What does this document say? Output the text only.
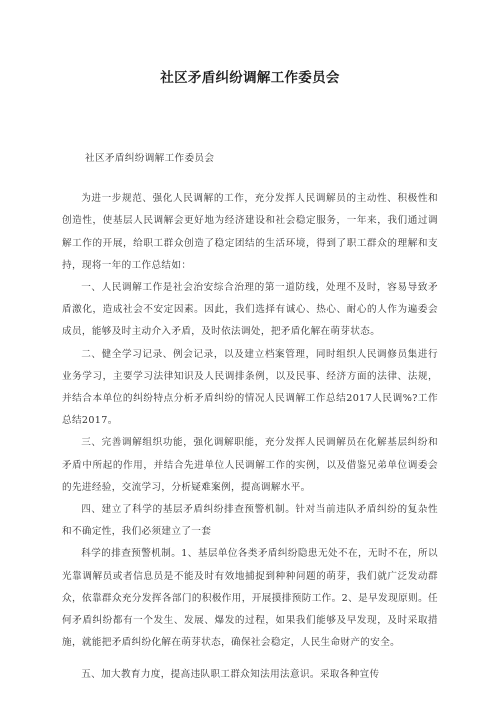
社区矛盾纠纷调解工作委员会

社区矛盾纠纷调解工作委员会

为进一步规范、强化人民调解的工作，充分发挥人民调解员的主动性、积极性和创造性，使基层人民调解会更好地为经济建设和社会稳定服务，一年来，我们通过调解工作的开展，给职工群众创造了稳定团结的生活环境，得到了职工群众的理解和支持，现将一年的工作总结如：

一、人民调解工作是社会治安综合治理的第一道防线，处理不及时，容易导致矛盾激化，造成社会不安定因素。因此，我们选择有诚心、热心、耐心的人作为遍委会成员，能够及时主动介入矛盾，及时依法调处，把矛盾化解在萌芽状态。

二、健全学习记录、例会记录，以及建立档案管理，同时组织人民调修员集进行业务学习，主要学习法律知识及人民调排条例，以及民事、经济方面的法律、法规，并结合本单位的纠纷特点分析矛盾纠纷的情况人民调解工作总结2017人民调%?工作总结2017。

三、完善调解组织功能，强化调解职能，充分发挥人民调解员在化解基层纠纷和矛盾中所起的作用，并结合先进单位人民调解工作的实例，以及借鉴兄弟单位调委会的先进经验，交流学习，分析疑难案例，提高调解水平。

四、建立了科学的基层矛盾纠纷排查预警机制。针对当前违队矛盾纠纷的复杂性和不确定性，我们必须建立了一套

科学的排查预警机制。1、基层单位各类矛盾纠纷隐患无处不在，无时不在，所以光靠调解员或者信息员是不能及时有效地捕捉到种种问题的萌芽，我们就广泛发动群众，依靠群众充分发挥各部门的积极作用，开展摸排预防工作。2、是早发现原则。任何矛盾纠纷都有一个发生、发展、爆发的过程，如果我们能够及早发现，及时采取措施，就能把矛盾纠纷化解在萌芽状态，确保社会稳定，人民生命财产的安全。

五、加大教育力度，提高违队职工群众知法用法意识。采取各种宣传
